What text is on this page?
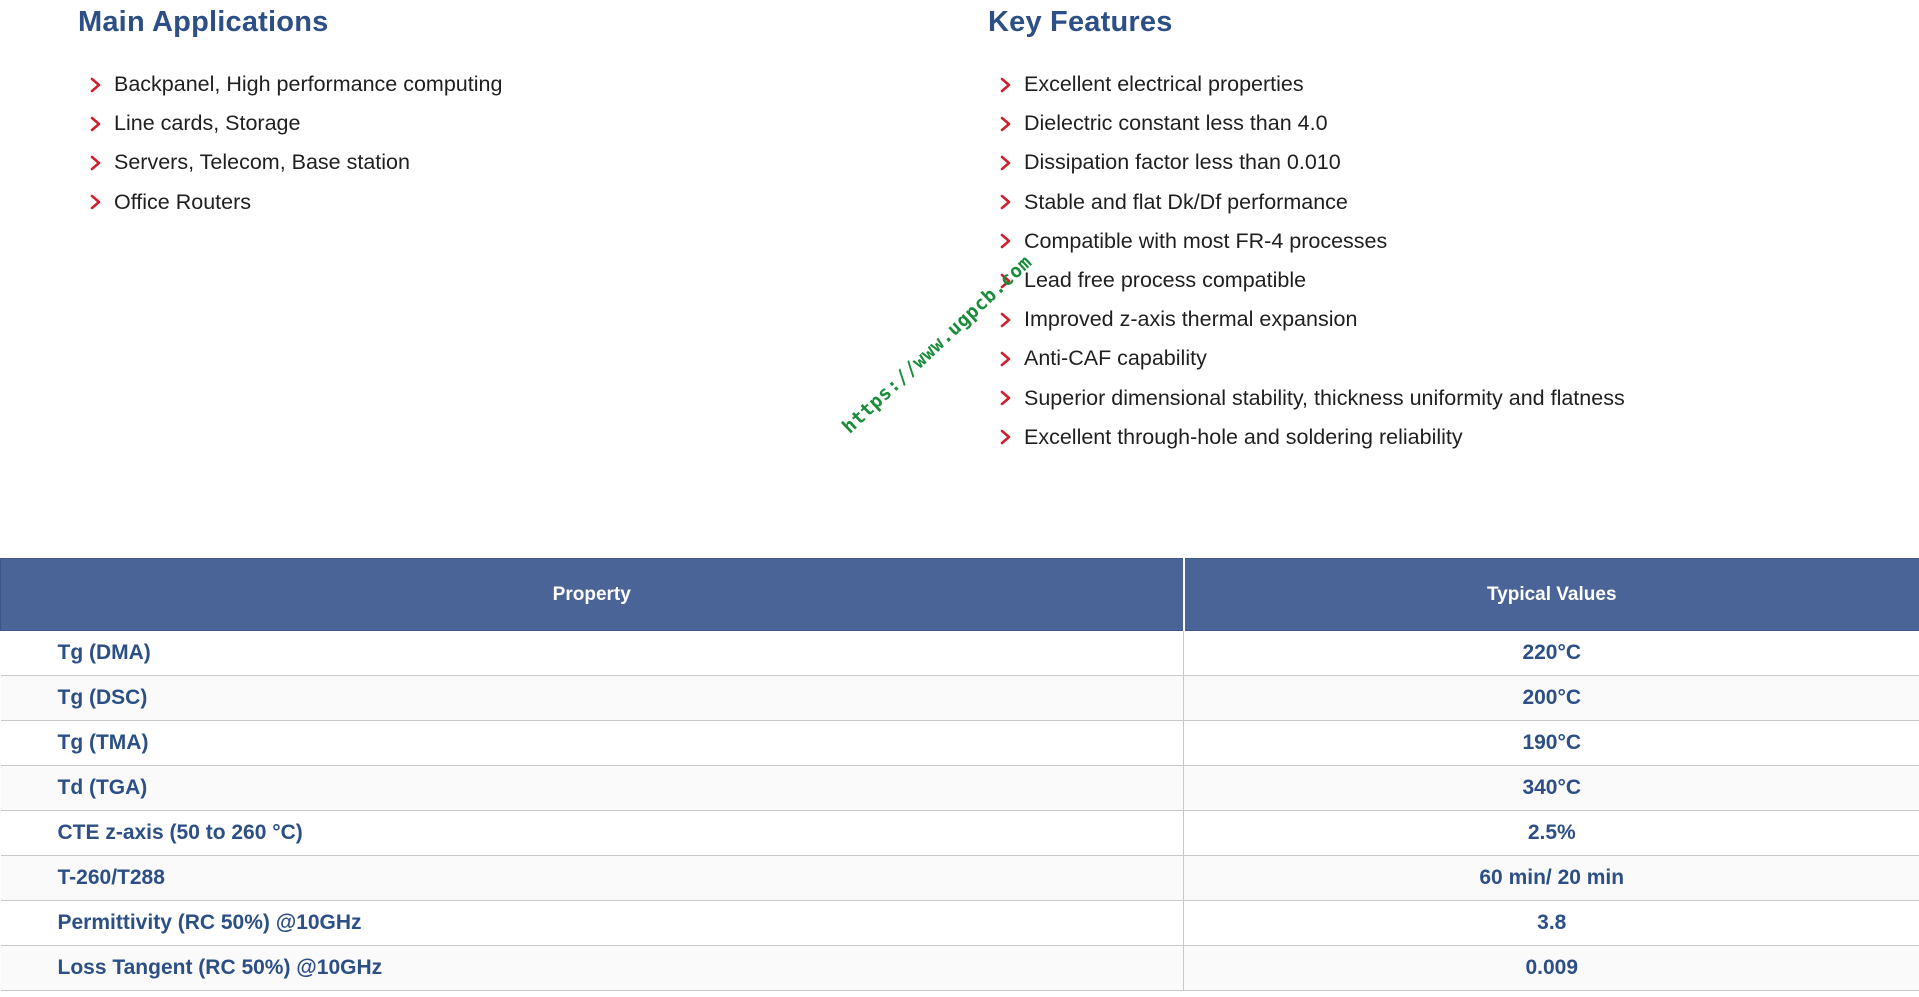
Main Applications	Key Features
Backpanel, High performance computing
Line cards, Storage
Servers, Telecom, Base station
Office Routers
Excellent electrical properties
Dielectric constant less than 4.0
Dissipation factor less than 0.010
Stable and flat Dk/Df performance
Compatible with most FR-4 processes
Lead free process compatible
Improved z-axis thermal expansion
Anti-CAF capability
Superior dimensional stability, thickness uniformity and flatness
Excellent through-hole and soldering reliability
https://www.ugpcb.com
Property	Typical Values
Tg (DMA)	220°C
Tg (DSC)	200°C
Tg (TMA)	190°C
Td (TGA)	340°C
CTE z-axis (50 to 260 °C)	2.5%
T-260/T288	60 min/ 20 min
Permittivity (RC 50%) @10GHz	3.8
Loss Tangent (RC 50%) @10GHz	0.009
